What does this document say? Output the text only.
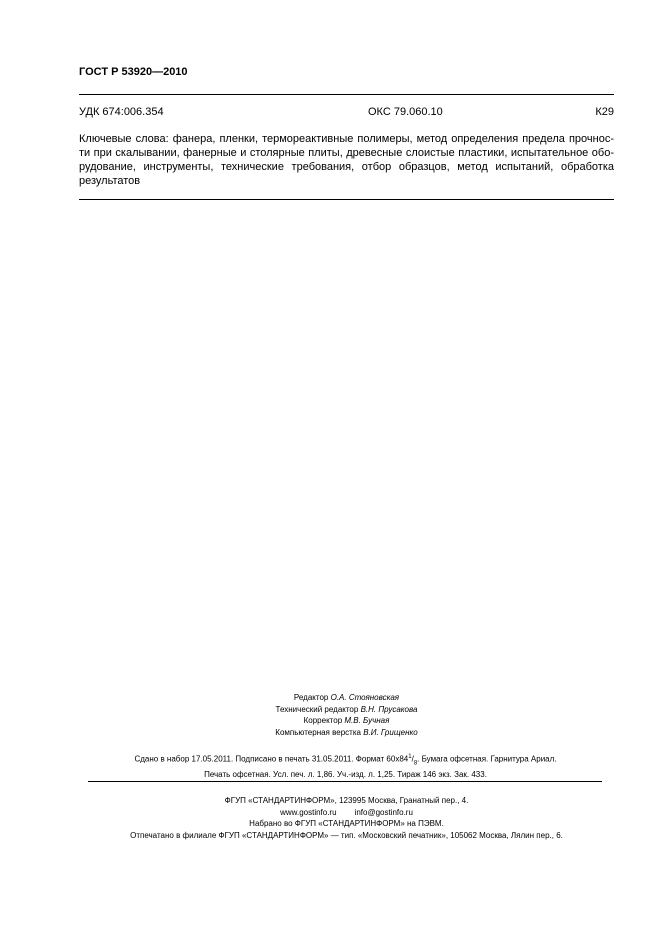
ГОСТ Р 53920—2010
УДК 674:006.354	ОКС 79.060.10	К29
Ключевые слова: фанера, пленки, термореактивные полимеры, метод определения предела прочнос-
ти при скалывании, фанерные и столярные плиты, древесные слоистые пластики, испытательное обо-
рудование, инструменты, технические требования, отбор образцов, метод испытаний, обработка
результатов
Редактор О.А. Стояновская
Технический редактор В.Н. Прусакова
Корректор М.В. Бучная
Компьютерная верстка В.И. Грищенко
Сдано в набор 17.05.2011. Подписано в печать 31.05.2011. Формат $60x84^1/_8$. Бумага офсетная. Гарнитура Ариал.
Печать офсетная. Усл. печ. л. 1,86. Уч.-изд. л. 1,25. Тираж 146 экз. Зак. 433.
ФГУП «СТАНДАРТИНФОРМ», 123995 Москва, Гранатный пер., 4.
www.gostinfo.ru info@gostinfo.ru
Набрано во ФГУП «СТАНДАРТИНФОРМ» на ПЭВМ.
Отпечатано в филиале ФГУП «СТАНДАРТИНФОРМ» — тип. «Московский печатник», 105062 Москва, Лялин пер., 6.
